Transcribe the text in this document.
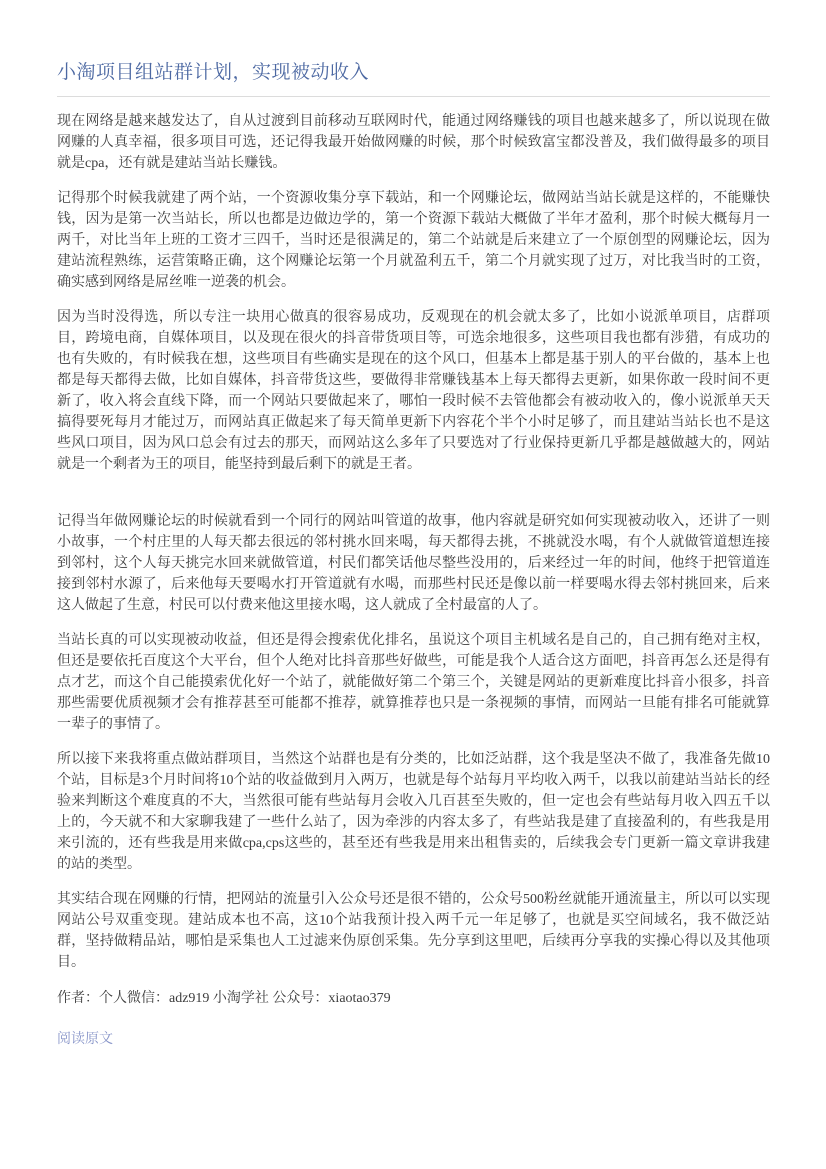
小淘项目组站群计划，实现被动收入

现在网络是越来越发达了，自从过渡到目前移动互联网时代，能通过网络赚钱的项目也越来越多了，所以说现在做网赚的人真幸福，很多项目可选，还记得我最开始做网赚的时候，那个时候致富宝都没普及，我们做得最多的项目就是cpa，还有就是建站当站长赚钱。

记得那个时候我就建了两个站，一个资源收集分享下载站，和一个网赚论坛，做网站当站长就是这样的，不能赚快钱，因为是第一次当站长，所以也都是边做边学的，第一个资源下载站大概做了半年才盈利，那个时候大概每月一两千，对比当年上班的工资才三四千，当时还是很满足的，第二个站就是后来建立了一个原创型的网赚论坛，因为建站流程熟练，运营策略正确，这个网赚论坛第一个月就盈利五千，第二个月就实现了过万，对比我当时的工资，确实感到网络是屌丝唯一逆袭的机会。

因为当时没得选，所以专注一块用心做真的很容易成功，反观现在的机会就太多了，比如小说派单项目，店群项目，跨境电商，自媒体项目，以及现在很火的抖音带货项目等，可选余地很多，这些项目我也都有涉猎，有成功的也有失败的，有时候我在想，这些项目有些确实是现在的这个风口，但基本上都是基于别人的平台做的，基本上也都是每天都得去做，比如自媒体，抖音带货这些，要做得非常赚钱基本上每天都得去更新，如果你敢一段时间不更新了，收入将会直线下降，而一个网站只要做起来了，哪怕一段时候不去管他都会有被动收入的，像小说派单天天搞得要死每月才能过万，而网站真正做起来了每天简单更新下内容花个半个小时足够了，而且建站当站长也不是这些风口项目，因为风口总会有过去的那天，而网站这么多年了只要选对了行业保持更新几乎都是越做越大的，网站就是一个剩者为王的项目，能坚持到最后剩下的就是王者。

记得当年做网赚论坛的时候就看到一个同行的网站叫管道的故事，他内容就是研究如何实现被动收入，还讲了一则小故事，一个村庄里的人每天都去很远的邻村挑水回来喝，每天都得去挑，不挑就没水喝，有个人就做管道想连接到邻村，这个人每天挑完水回来就做管道，村民们都笑话他尽整些没用的，后来经过一年的时间，他终于把管道连接到邻村水源了，后来他每天要喝水打开管道就有水喝，而那些村民还是像以前一样要喝水得去邻村挑回来，后来这人做起了生意，村民可以付费来他这里接水喝，这人就成了全村最富的人了。

当站长真的可以实现被动收益，但还是得会搜索优化排名，虽说这个项目主机域名是自己的，自己拥有绝对主权，但还是要依托百度这个大平台，但个人绝对比抖音那些好做些，可能是我个人适合这方面吧，抖音再怎么还是得有点才艺，而这个自己能摸索优化好一个站了，就能做好第二个第三个，关键是网站的更新难度比抖音小很多，抖音那些需要优质视频才会有推荐甚至可能都不推荐，就算推荐也只是一条视频的事情，而网站一旦能有排名可能就算一辈子的事情了。

所以接下来我将重点做站群项目，当然这个站群也是有分类的，比如泛站群，这个我是坚决不做了，我准备先做10个站，目标是3个月时间将10个站的收益做到月入两万，也就是每个站每月平均收入两千，以我以前建站当站长的经验来判断这个难度真的不大，当然很可能有些站每月会收入几百甚至失败的，但一定也会有些站每月收入四五千以上的，今天就不和大家聊我建了一些什么站了，因为牵涉的内容太多了，有些站我是建了直接盈利的，有些我是用来引流的，还有些我是用来做cpa,cps这些的，甚至还有些我是用来出租售卖的，后续我会专门更新一篇文章讲我建的站的类型。

其实结合现在网赚的行情，把网站的流量引入公众号还是很不错的，公众号500粉丝就能开通流量主，所以可以实现网站公号双重变现。建站成本也不高，这10个站我预计投入两千元一年足够了，也就是买空间域名，我不做泛站群，坚持做精品站，哪怕是采集也人工过滤来伪原创采集。先分享到这里吧，后续再分享我的实操心得以及其他项目。

作者：个人微信：adz919 小淘学社 公众号：xiaotao379

阅读原文
